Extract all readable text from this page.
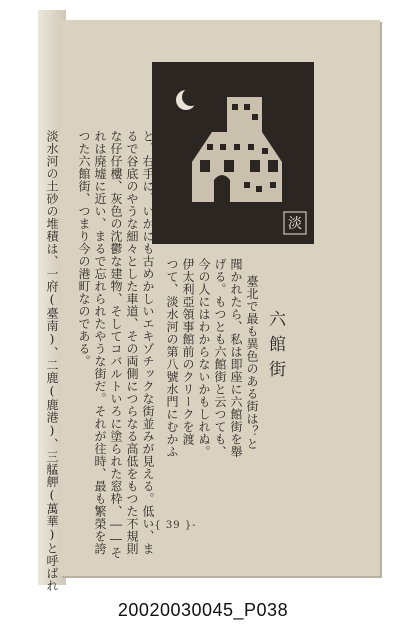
淡
六館街
臺北で最も異色のある街は？と
聞かれたら、私は即座に六館街を舉
げる。もつとも六館街と云つても、
今の人にはわからないかもしれぬ。
伊太利亞領事館前のクリークを渡
つて、淡水河の第八號水門にむかふ
と、右手に、いかにも古めかしいエキゾチックな街並みが見える。低い、ま
るで谷底のやうな細々とした車道、その両側につらなる高低をもつた不規則
な仔仔樓、灰色の沈鬱な建物、そしてコバルトいろに塗られた窓枠、――そ
れは廃墟に近い、まるで忘れられたやうな街だ。それが往時、最も繁榮を誇
つた六館街、つまり今の港町なのである。
淡水河の土砂の堆積は、一府(臺南)、二鹿(鹿港)、三艋舺(萬華)と呼ばれ	-{ 39 }-
20020030045_P038
